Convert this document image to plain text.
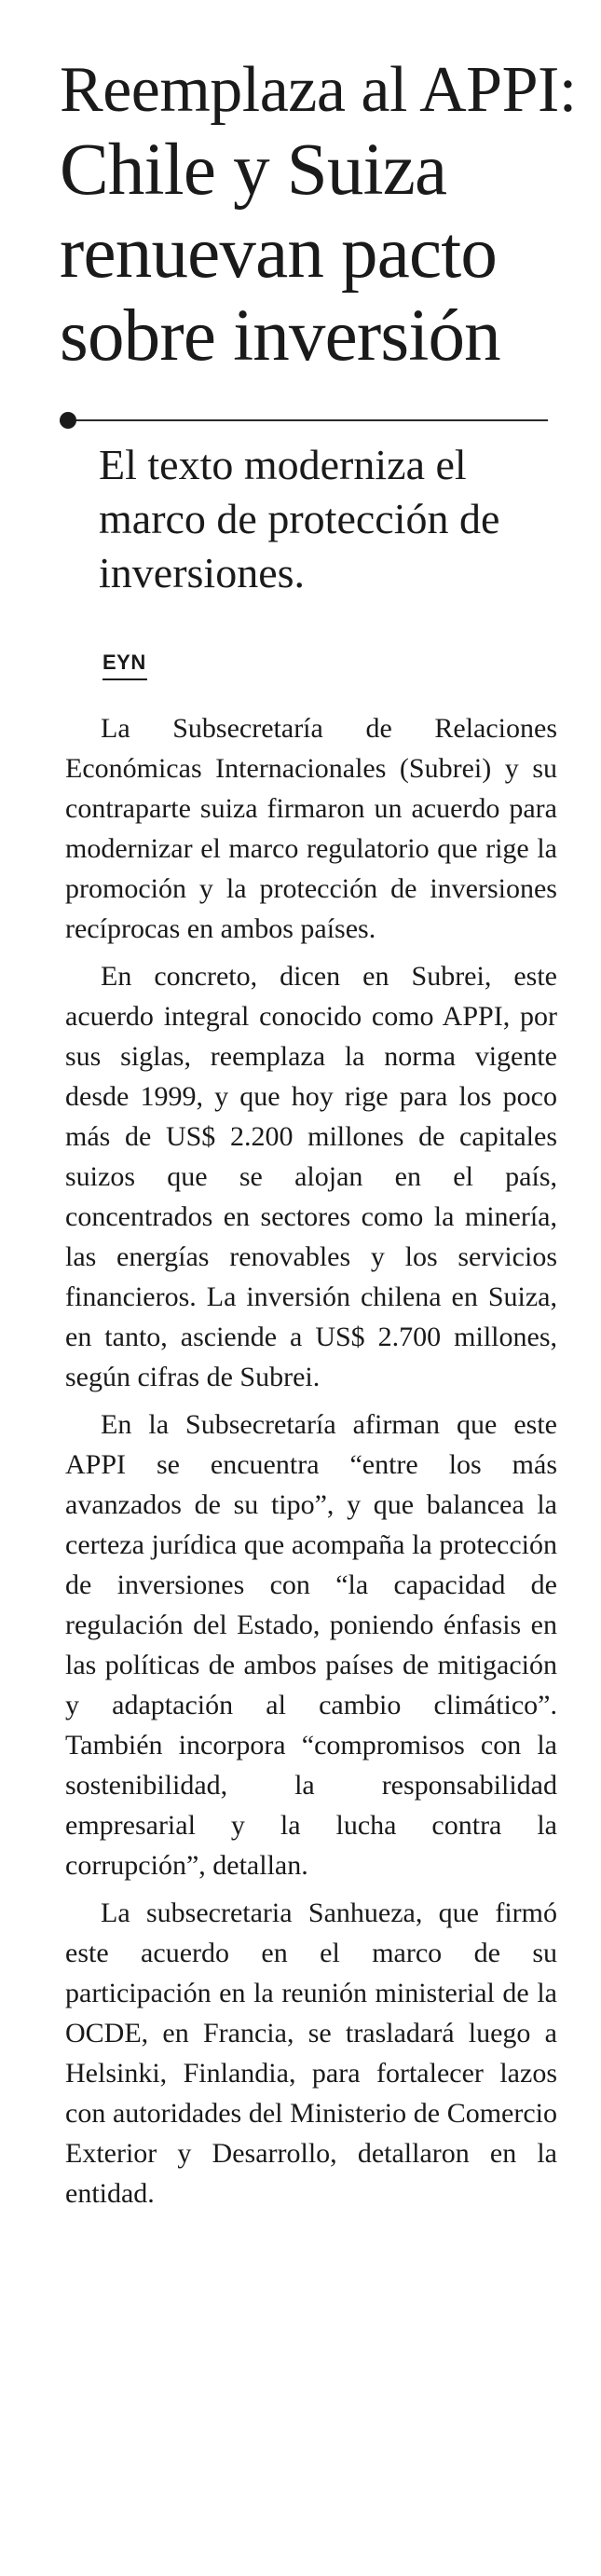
Reemplaza al APPI:
Chile y Suiza renuevan pacto sobre inversión

El texto moderniza el marco de protección de inversiones.

EYN

La Subsecretaría de Relaciones Económicas Internacionales (Subrei) y su contraparte suiza firmaron un acuerdo para modernizar el marco regulatorio que rige la promoción y la protección de inversiones recíprocas en ambos países.

En concreto, dicen en Subrei, este acuerdo integral conocido como APPI, por sus siglas, reemplaza la norma vigente desde 1999, y que hoy rige para los poco más de US$ 2.200 millones de capitales suizos que se alojan en el país, concentrados en sectores como la minería, las energías renovables y los servicios financieros. La inversión chilena en Suiza, en tanto, asciende a US$ 2.700 millones, según cifras de Subrei.

En la Subsecretaría afirman que este APPI se encuentra “entre los más avanzados de su tipo”, y que balancea la certeza jurídica que acompaña la protección de inversiones con “la capacidad de regulación del Estado, poniendo énfasis en las políticas de ambos países de mitigación y adaptación al cambio climático”. También incorpora “compromisos con la sostenibilidad, la responsabilidad empresarial y la lucha contra la corrupción”, detallan.

La subsecretaria Sanhueza, que firmó este acuerdo en el marco de su participación en la reunión ministerial de la OCDE, en Francia, se trasladará luego a Helsinki, Finlandia, para fortalecer lazos con autoridades del Ministerio de Comercio Exterior y Desarrollo, detallaron en la entidad.
